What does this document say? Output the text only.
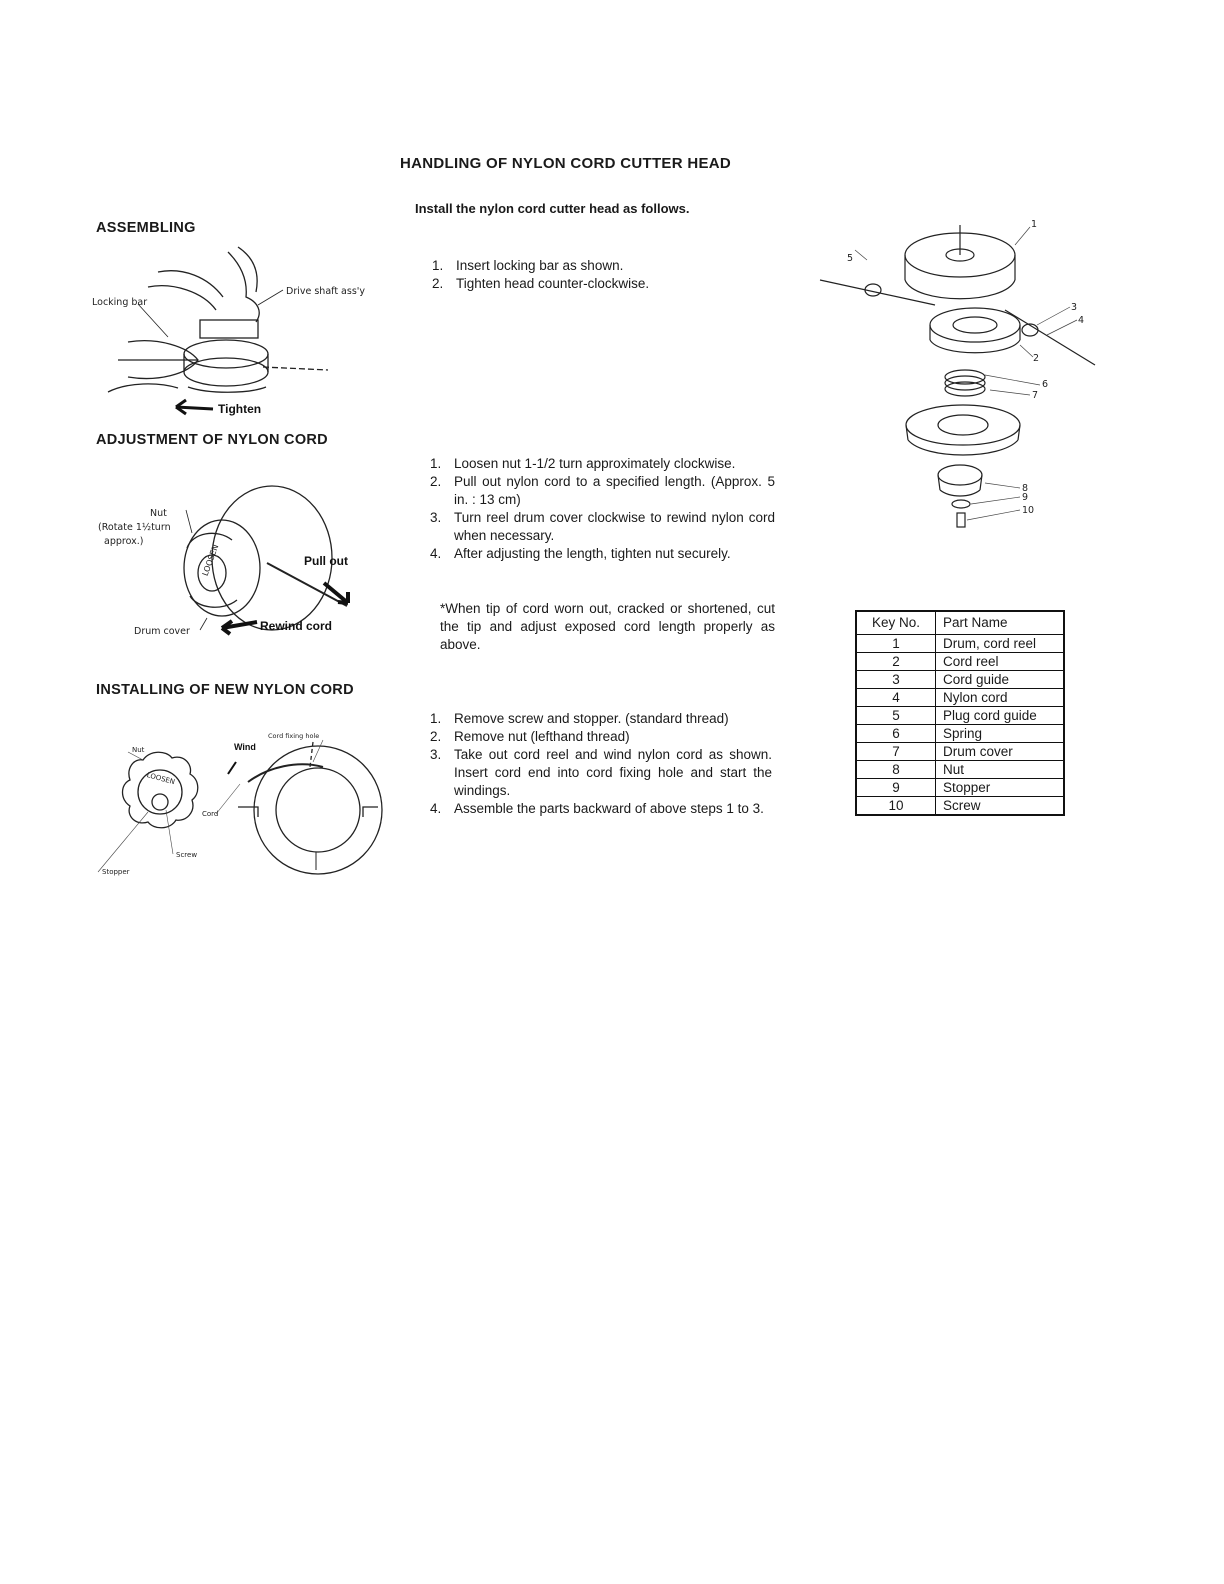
HANDLING OF NYLON CORD CUTTER HEAD
Install the nylon cord cutter head as follows.
ASSEMBLING
Locking bar
Drive shaft ass'y
Tighten
1. Insert locking bar as shown.
2. Tighten head counter-clockwise.
1
2
3
4
5
6
7
8
9
10
ADJUSTMENT OF NYLON CORD
LOOSEN
Nut
(Rotate 1½turn
approx.)
Pull out
Drum cover	Rewind cord
1. Loosen nut 1-1/2 turn approximately clockwise.
2. Pull out nylon cord to a specified length. (Approx. 5 in. : 13 cm)
3. Turn reel drum cover clockwise to rewind nylon cord when necessary.
4. After adjusting the length, tighten nut securely.
*When tip of cord worn out, cracked or shortened, cut the tip and adjust exposed cord length properly as above.
INSTALLING OF NEW NYLON CORD
LOOSEN
Nut
Screw
Stopper
Wind
Cord fixing hole
Cord
1. Remove screw and stopper. (standard thread)
2. Remove nut (lefthand thread)
3. Take out cord reel and wind nylon cord as shown. Insert cord end into cord fixing hole and start the windings.
4. Assemble the parts backward of above steps 1 to 3.
Key No.	Part Name
1	Drum, cord reel
2	Cord reel
3	Cord guide
4	Nylon cord
5	Plug cord guide
6	Spring
7	Drum cover
8	Nut
9	Stopper
10	Screw
